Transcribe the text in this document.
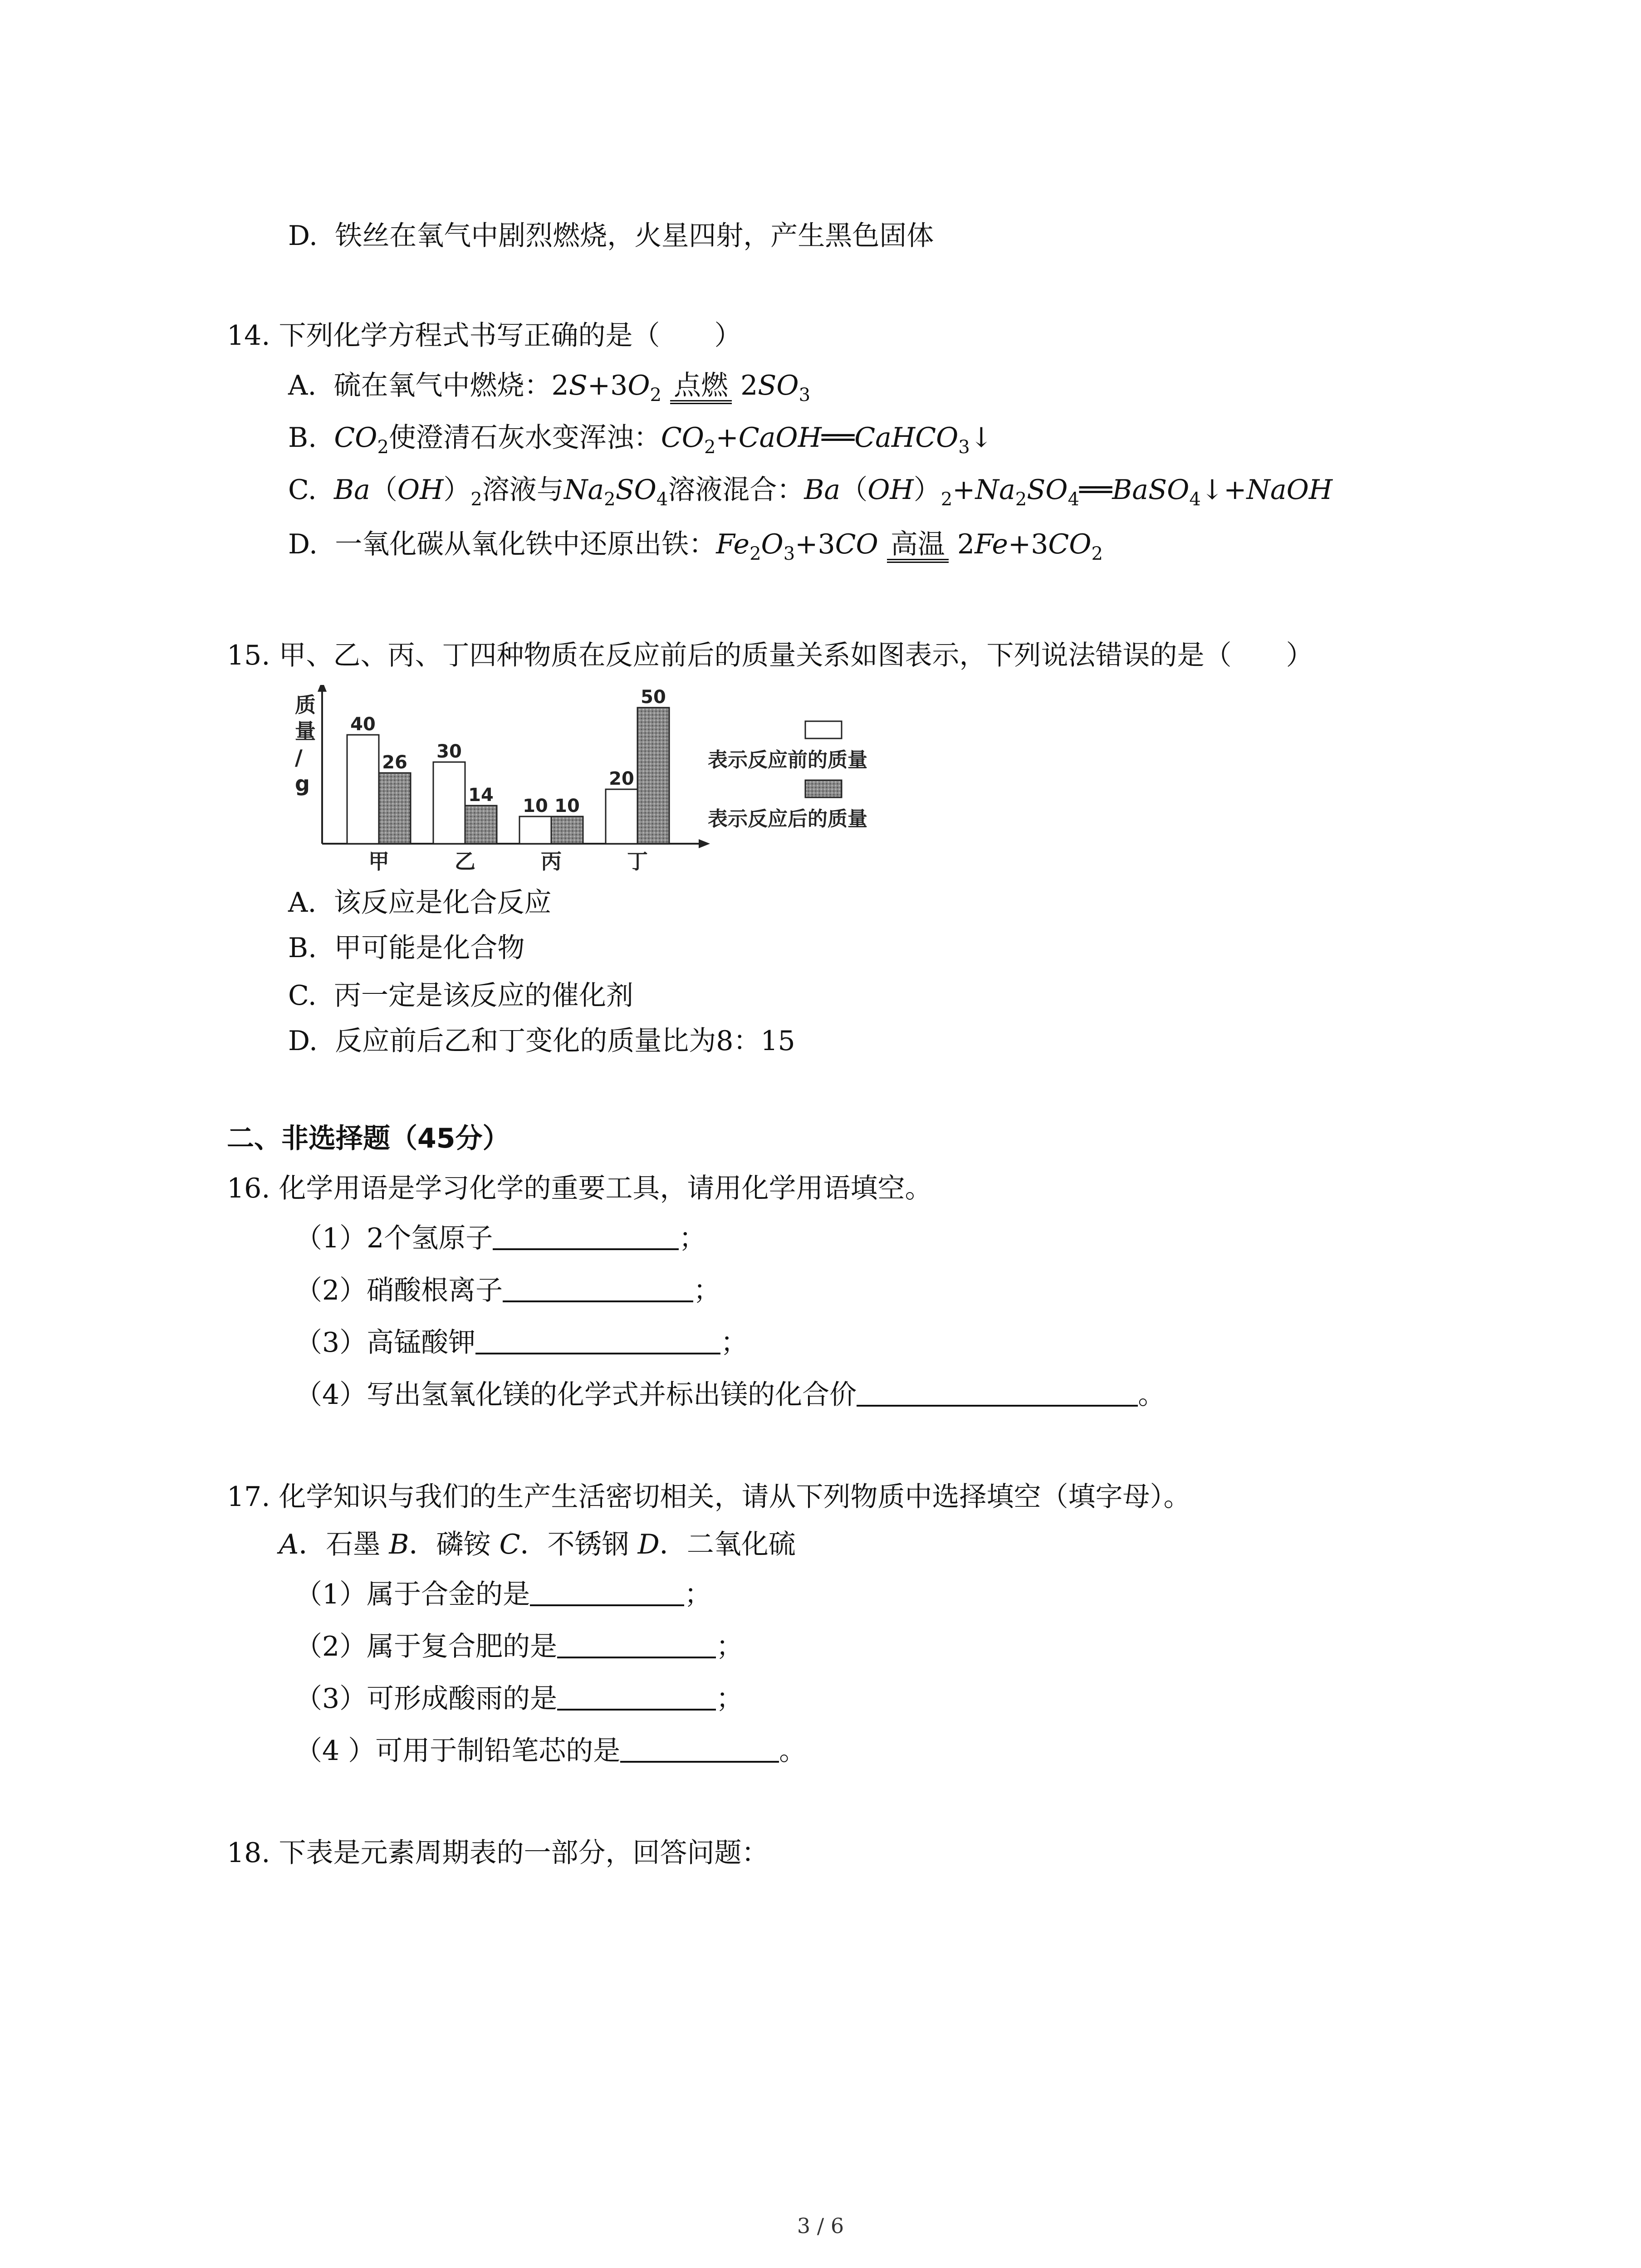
D. 铁丝在氧气中剧烈燃烧，火星四射，产生黑色固体
14. 下列化学方程式书写正确的是（　　）
A. 硫在氧气中燃烧：$2S+3O_2$ 点燃 $2SO_3$
B. $CO_2$使澄清石灰水变浑浊：$CO_2+CaOH══CaHCO_3↓$
C. $Ba(OH)_2$溶液与$Na_2SO_4$溶液混合：$Ba(OH)_2+Na_2SO_4══BaSO_4↓+NaOH$
D. 一氧化碳从氧化铁中还原出铁：$Fe_2O_3+3CO$ 高温 $2Fe+3CO_2$
15. 甲、乙、丙、丁四种物质在反应前后的质量关系如图表示，下列说法错误的是（　　）
质量/ g
40
26
甲
30
14
乙
10 10
丙
20
50
丁
表示反应前的质量
表示反应后的质量
A. 该反应是化合反应
B. 甲可能是化合物
C. 丙一定是该反应的催化剂
D. 反应前后乙和丁变化的质量比为8：15
二、非选择题（45分）
16. 化学用语是学习化学的重要工具，请用化学用语填空。
（1）2个氢原子	；
（2）硝酸根离子	；
（3）高锰酸钾	；
（4）写出氢氧化镁的化学式并标出镁的化合价	。
17. 化学知识与我们的生产生活密切相关，请从下列物质中选择填空（填字母）。
A．石墨 B．磷铵 C．不锈钢 D．二氧化硫
（1）属于合金的是	；
（2）属于复合肥的是	；
（3）可形成酸雨的是	；
（4 ）可用于制铅笔芯的是	。
18. 下表是元素周期表的一部分，回答问题：
3 / 6
